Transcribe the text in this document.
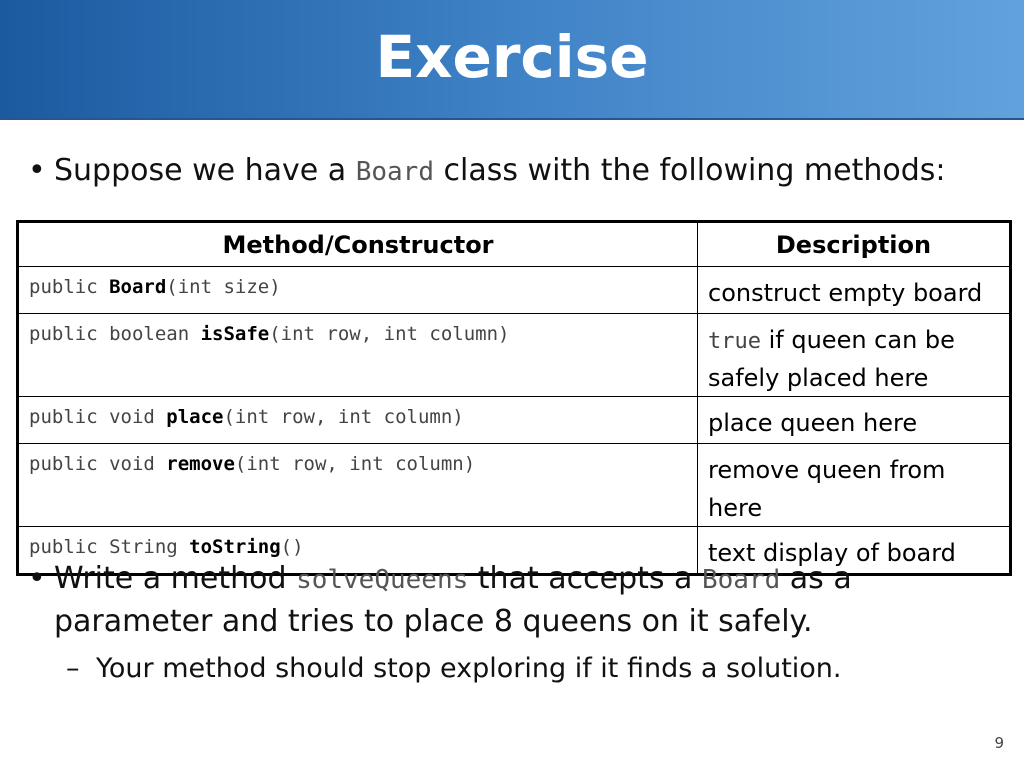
Exercise
• Suppose we have a Board class with the following methods:
Method/Constructor	Description
public Board(int size)	construct empty board
public boolean isSafe(int row, int column)	true if queen can be safely placed here
public void place(int row, int column)	place queen here
public void remove(int row, int column)	remove queen from here
public String toString()	text display of board
• Write a method solveQueens that accepts a Board as a
parameter and tries to place 8 queens on it safely.
– Your method should stop exploring if it finds a solution.
9
